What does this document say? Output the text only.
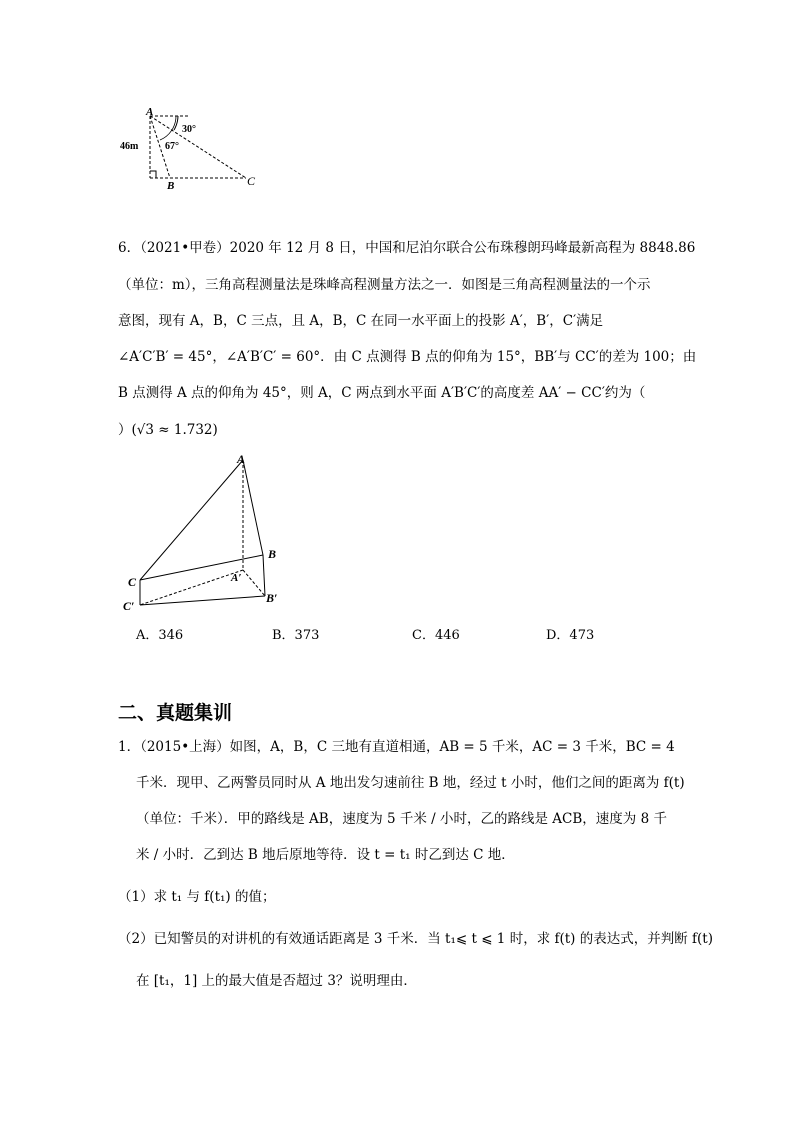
A
B	C
46m
30°
67°
6．（2021•甲卷）2020 年 12 月 8 日，中国和尼泊尔联合公布珠穆朗玛峰最新高程为 8848.86
（单位：m），三角高程测量法是珠峰高程测量方法之一．如图是三角高程测量法的一个示
意图，现有 A，B，C 三点，且 A，B，C 在同一水平面上的投影 A′，B′，C′满足
∠A′C′B′ = 45°，∠A′B′C′ = 60°．由 C 点测得 B 点的仰角为 15°，BB′与 CC′的差为 100；由
B 点测得 A 点的仰角为 45°，则 A，C 两点到水平面 A′B′C′的高度差 AA′ − CC′约为（
）(√3 ≈ 1.732)
A
B
C	A′
B′
C′
A．346	B．373	C．446	D．473
二、真题集训
1．（2015•上海）如图，A，B，C 三地有直道相通，AB = 5 千米，AC = 3 千米，BC = 4
千米．现甲、乙两警员同时从 A 地出发匀速前往 B 地，经过 t 小时，他们之间的距离为 f(t)
（单位：千米）．甲的路线是 AB，速度为 5 千米 / 小时，乙的路线是 ACB，速度为 8 千
米 / 小时．乙到达 B 地后原地等待．设 t = t₁ 时乙到达 C 地．
（1）求 t₁ 与 f(t₁) 的值；
（2）已知警员的对讲机的有效通话距离是 3 千米．当 t₁⩽ t ⩽ 1 时，求 f(t) 的表达式，并判断 f(t)
在 [t₁，1] 上的最大值是否超过 3？说明理由．
